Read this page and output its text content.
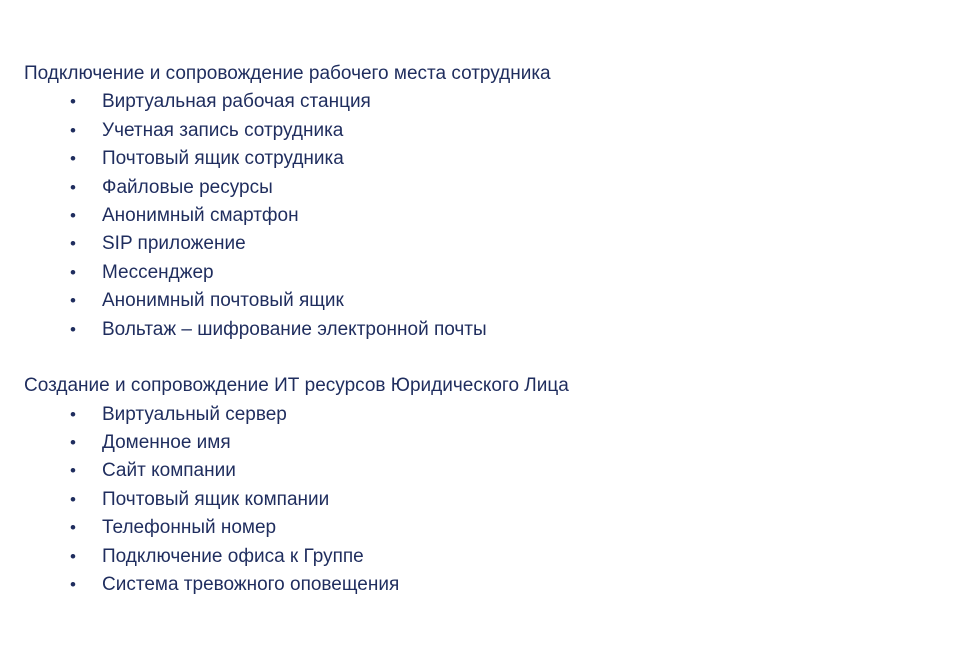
Подключение и сопровождение рабочего места сотрудника
• Виртуальная рабочая станция
• Учетная запись сотрудника
• Почтовый ящик сотрудника
• Файловые ресурсы
• Анонимный смартфон
• SIP приложение
• Мессенджер
• Анонимный почтовый ящик
• Вольтаж – шифрование электронной почты
Создание и сопровождение ИТ ресурсов Юридического Лица
• Виртуальный сервер
• Доменное имя
• Сайт компании
• Почтовый ящик компании
• Телефонный номер
• Подключение офиса к Группе
• Система тревожного оповещения
